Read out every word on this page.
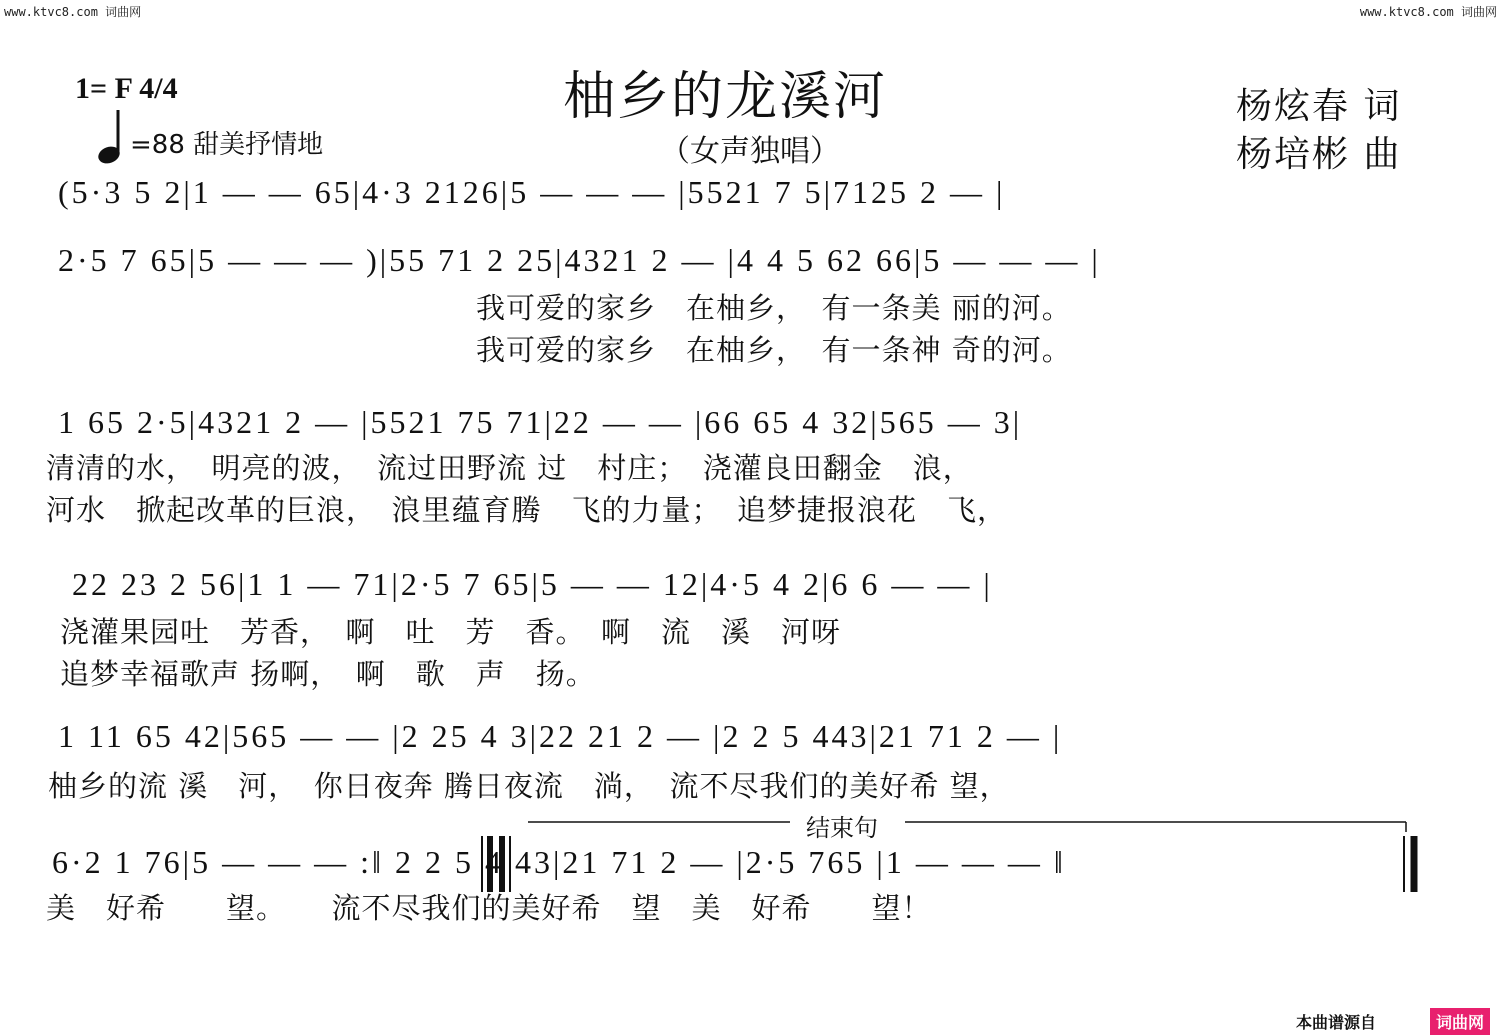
www.ktvc8.com 词曲网	www.ktvc8.com 词曲网
1= F 4/4
=88 甜美抒情地
柚乡的龙溪河
（女声独唱）
杨炫春 词
杨培彬 曲
(5·3 5 2|1 — — 65|4·3 2126|5 — — — |5521 7 5|7125 2 — |
2·5 7 65|5 — — — )|55 71 2 25|4321 2 — |4 4 5 62 66|5 — — — |
我可爱的家乡　在柚乡，　有一条美 丽的河。
我可爱的家乡　在柚乡，　有一条神 奇的河。
1 65 2·5|4321 2 — |5521 75 71|22 — — |66 65 4 32|565 — 3|
清清的水，　明亮的波，　流过田野流 过　村庄；　浇灌良田翻金　浪，
河水　掀起改革的巨浪，　浪里蕴育腾　飞的力量；　追梦捷报浪花　飞，
22 23 2 56|1 1 — 71|2·5 7 65|5 — — 12|4·5 4 2|6 6 — — |
浇灌果园吐　芳香，　啊　吐　芳　香。　啊　流　溪　河呀
追梦幸福歌声 扬啊，　啊　歌　声　扬。
1 11 65 42|565 — — |2 25 4 3|22 21 2 — |2 2 5 443|21 71 2 — |
柚乡的流 溪　河，　你日夜奔 腾日夜流　淌，　流不尽我们的美好希 望，
结束句
6·2 1 76|5 — — — :‖ 2 2 5 4 43|21 71 2 — |2·5 765 |1 — — — ‖
美　好希　　望。　　流不尽我们的美好希　望　美　好希　　望！
本曲谱源自	词曲网
